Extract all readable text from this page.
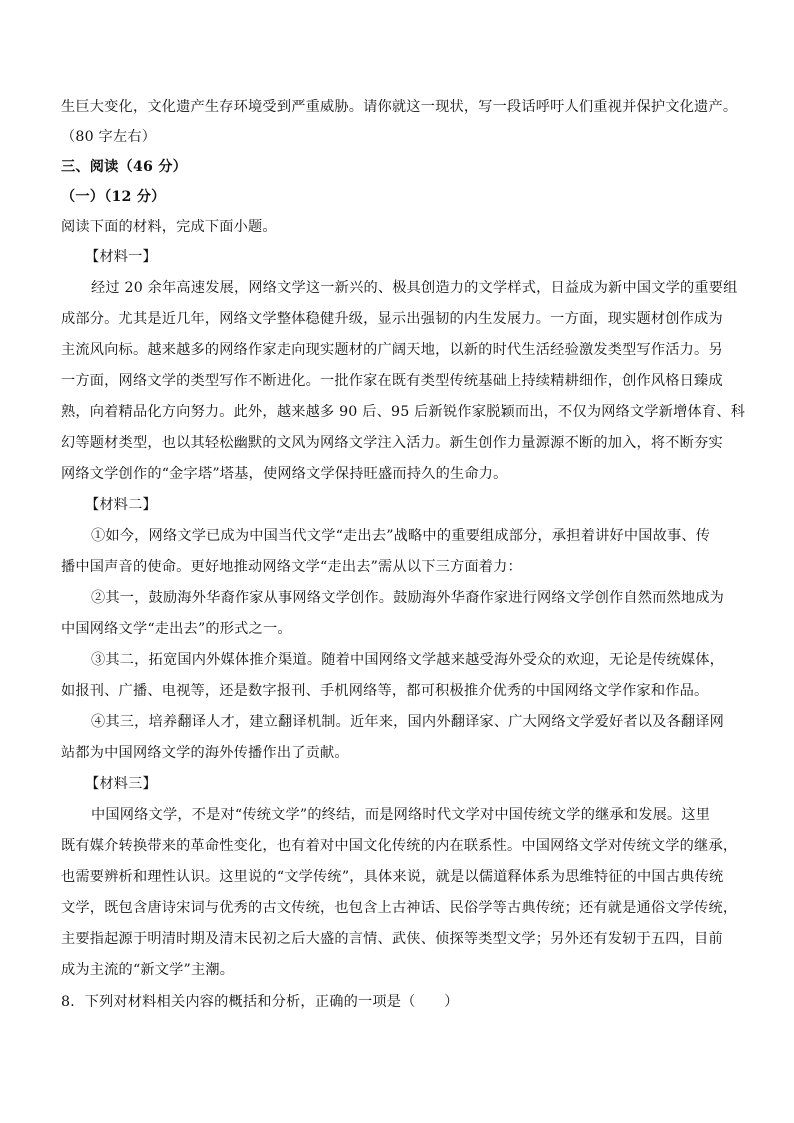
生巨大变化，文化遗产生存环境受到严重威胁。请你就这一现状，写一段话呼吁人们重视并保护文化遗产。

（80 字左右）

三、阅读（46 分）

（一）（12 分）

阅读下面的材料，完成下面小题。

【材料一】

经过 20 余年高速发展，网络文学这一新兴的、极具创造力的文学样式，日益成为新中国文学的重要组

成部分。尤其是近几年，网络文学整体稳健升级，显示出强韧的内生发展力。一方面，现实题材创作成为

主流风向标。越来越多的网络作家走向现实题材的广阔天地，以新的时代生活经验激发类型写作活力。另

一方面，网络文学的类型写作不断进化。一批作家在既有类型传统基础上持续精耕细作，创作风格日臻成

熟，向着精品化方向努力。此外，越来越多 90 后、95 后新锐作家脱颖而出，不仅为网络文学新增体育、科

幻等题材类型，也以其轻松幽默的文风为网络文学注入活力。新生创作力量源源不断的加入，将不断夯实

网络文学创作的“金字塔”塔基，使网络文学保持旺盛而持久的生命力。

【材料二】

①如今，网络文学已成为中国当代文学“走出去”战略中的重要组成部分，承担着讲好中国故事、传

播中国声音的使命。更好地推动网络文学“走出去”需从以下三方面着力：

②其一，鼓励海外华裔作家从事网络文学创作。鼓励海外华裔作家进行网络文学创作自然而然地成为

中国网络文学“走出去”的形式之一。

③其二，拓宽国内外媒体推介渠道。随着中国网络文学越来越受海外受众的欢迎，无论是传统媒体，

如报刊、广播、电视等，还是数字报刊、手机网络等，都可积极推介优秀的中国网络文学作家和作品。

④其三，培养翻译人才，建立翻译机制。近年来，国内外翻译家、广大网络文学爱好者以及各翻译网

站都为中国网络文学的海外传播作出了贡献。

【材料三】

中国网络文学，不是对“传统文学”的终结，而是网络时代文学对中国传统文学的继承和发展。这里

既有媒介转换带来的革命性变化，也有着对中国文化传统的内在联系性。中国网络文学对传统文学的继承，

也需要辨析和理性认识。这里说的“文学传统”，具体来说，就是以儒道释体系为思维特征的中国古典传统

文学，既包含唐诗宋词与优秀的古文传统，也包含上古神话、民俗学等古典传统；还有就是通俗文学传统，

主要指起源于明清时期及清末民初之后大盛的言情、武侠、侦探等类型文学；另外还有发轫于五四，目前

成为主流的“新文学”主潮。

8．下列对材料相关内容的概括和分析，正确的一项是（　　）
